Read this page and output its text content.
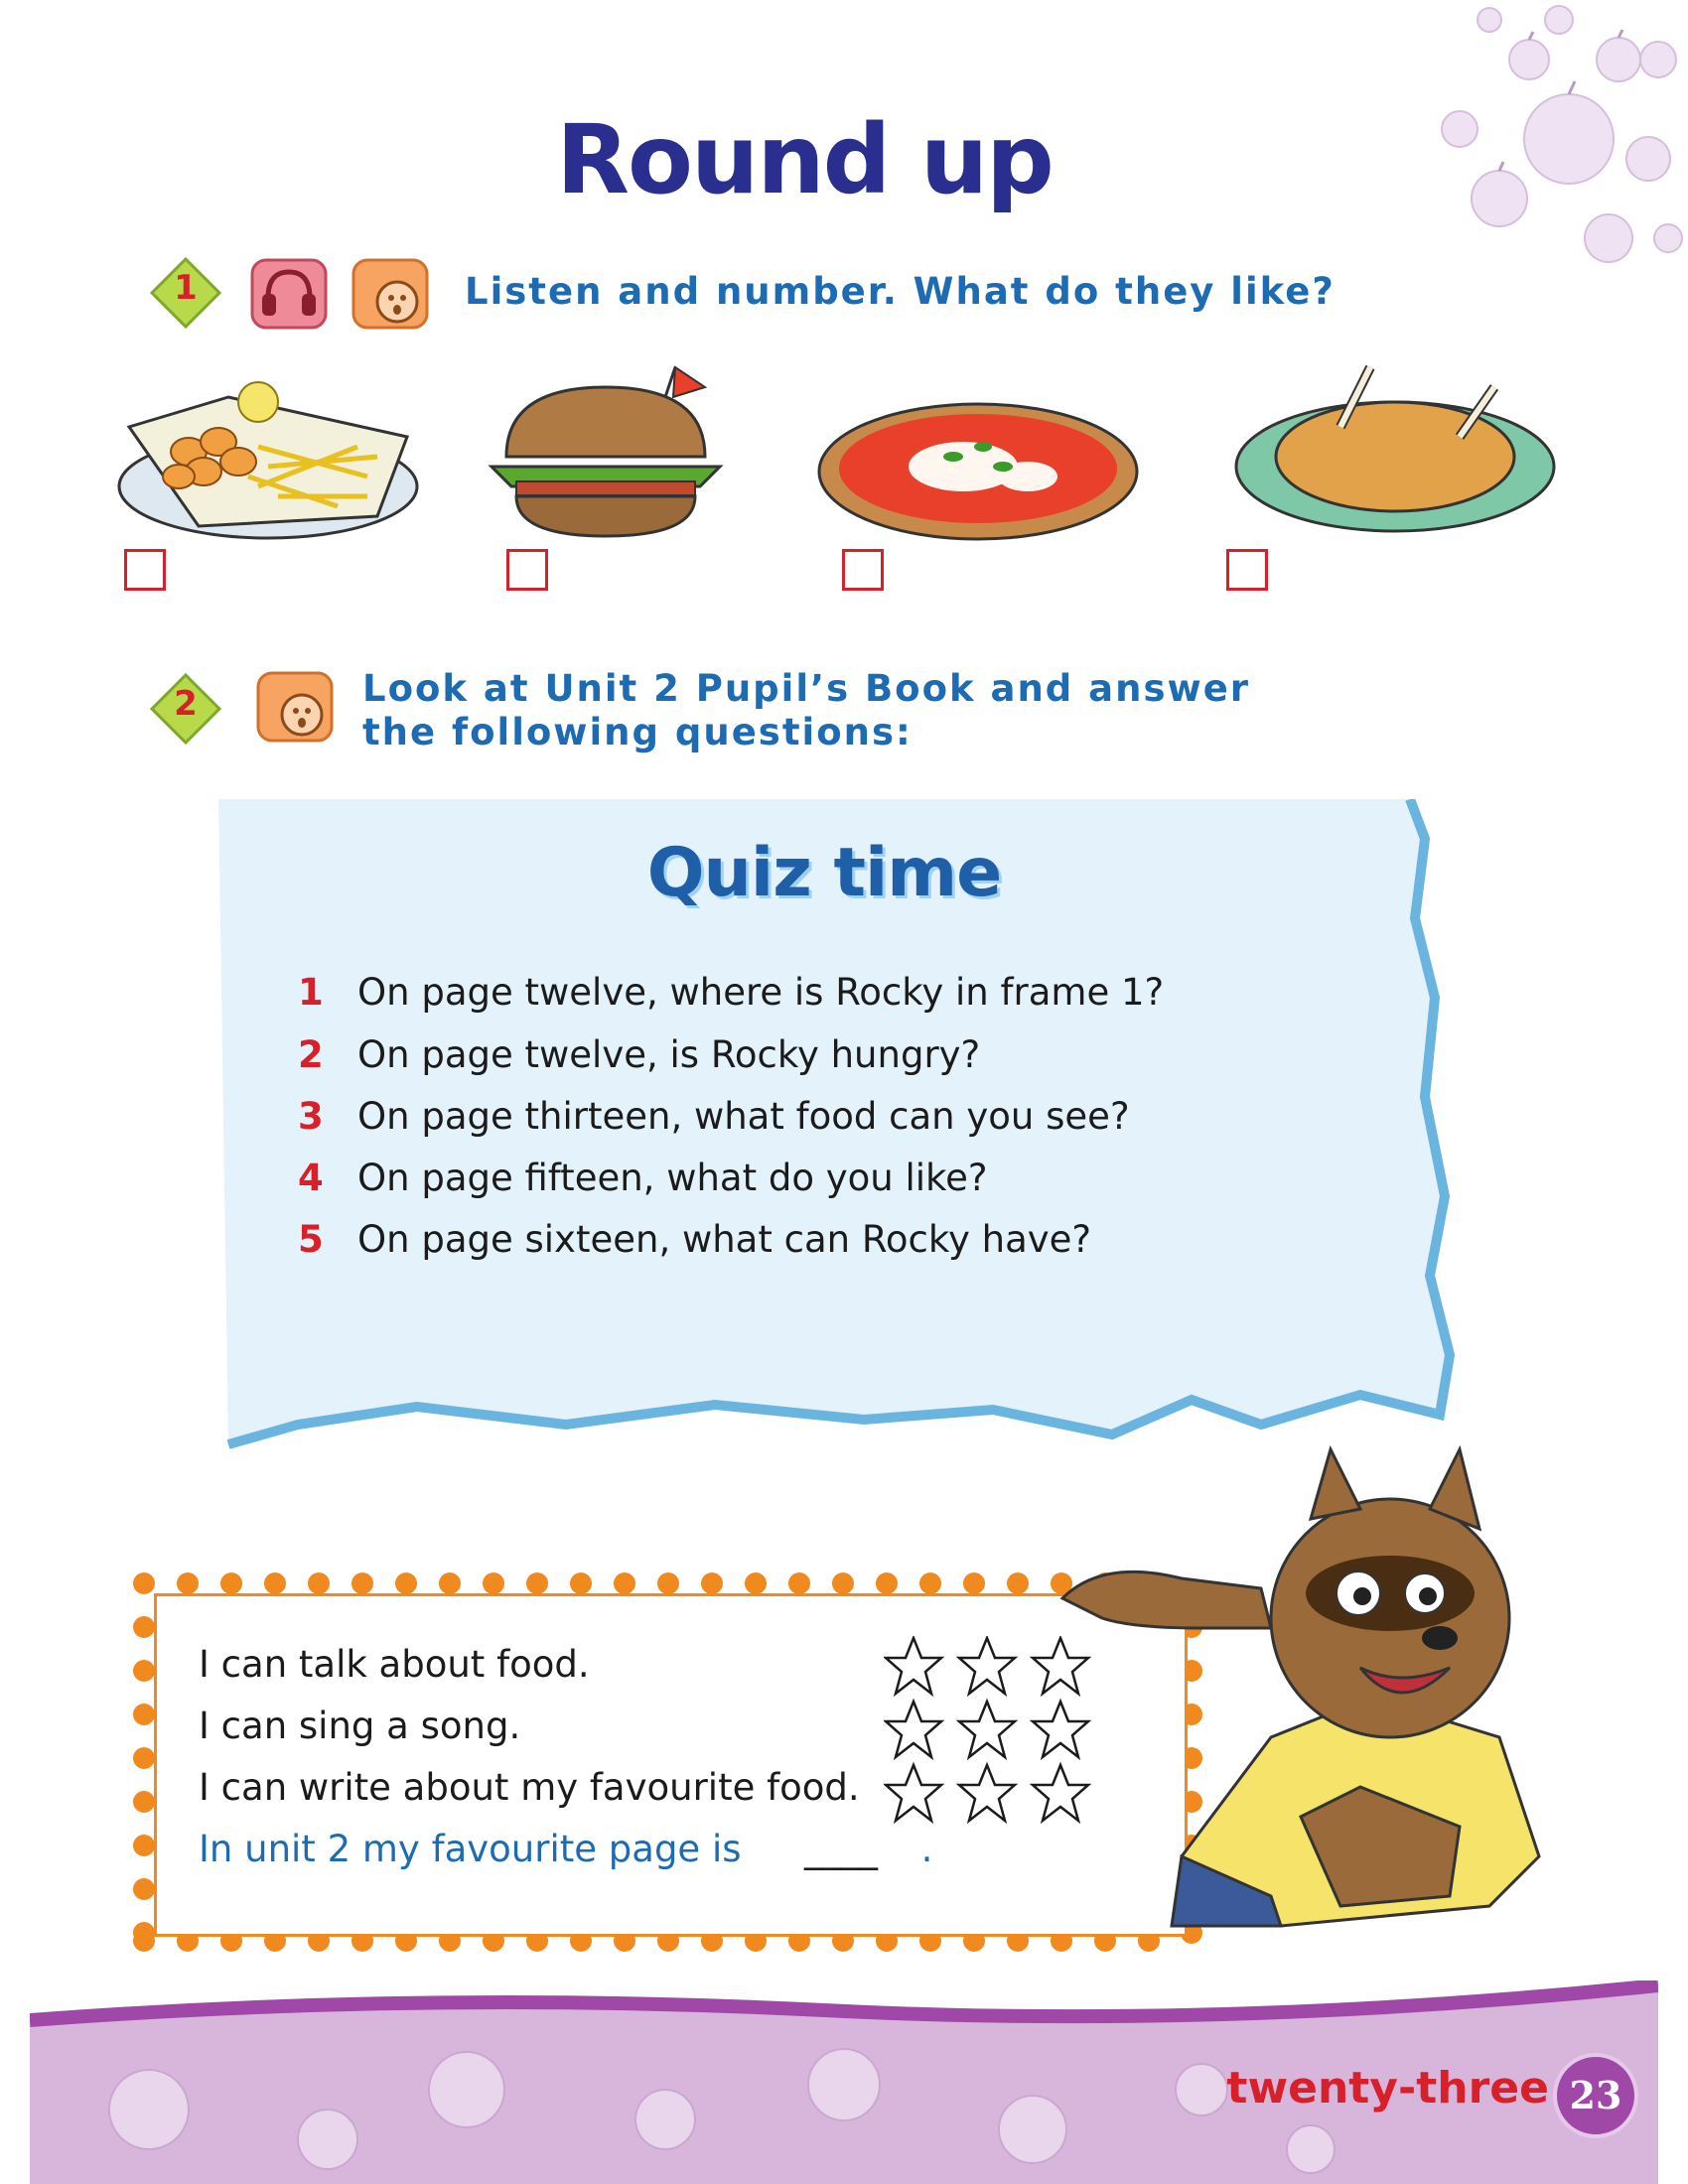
Round up
1	Listen and number. What do they like?
2	Look at Unit 2 Pupil’s Book and answer
the following questions:
Quiz time
1 On page twelve, where is Rocky in frame 1?
2 On page twelve, is Rocky hungry?
3 On page thirteen, what food can you see?
4 On page fifteen, what do you like?
5 On page sixteen, what can Rocky have?
I can talk about food.
I can sing a song.
I can write about my favourite food.
In unit 2 my favourite page is ____ .
twenty-three 23
